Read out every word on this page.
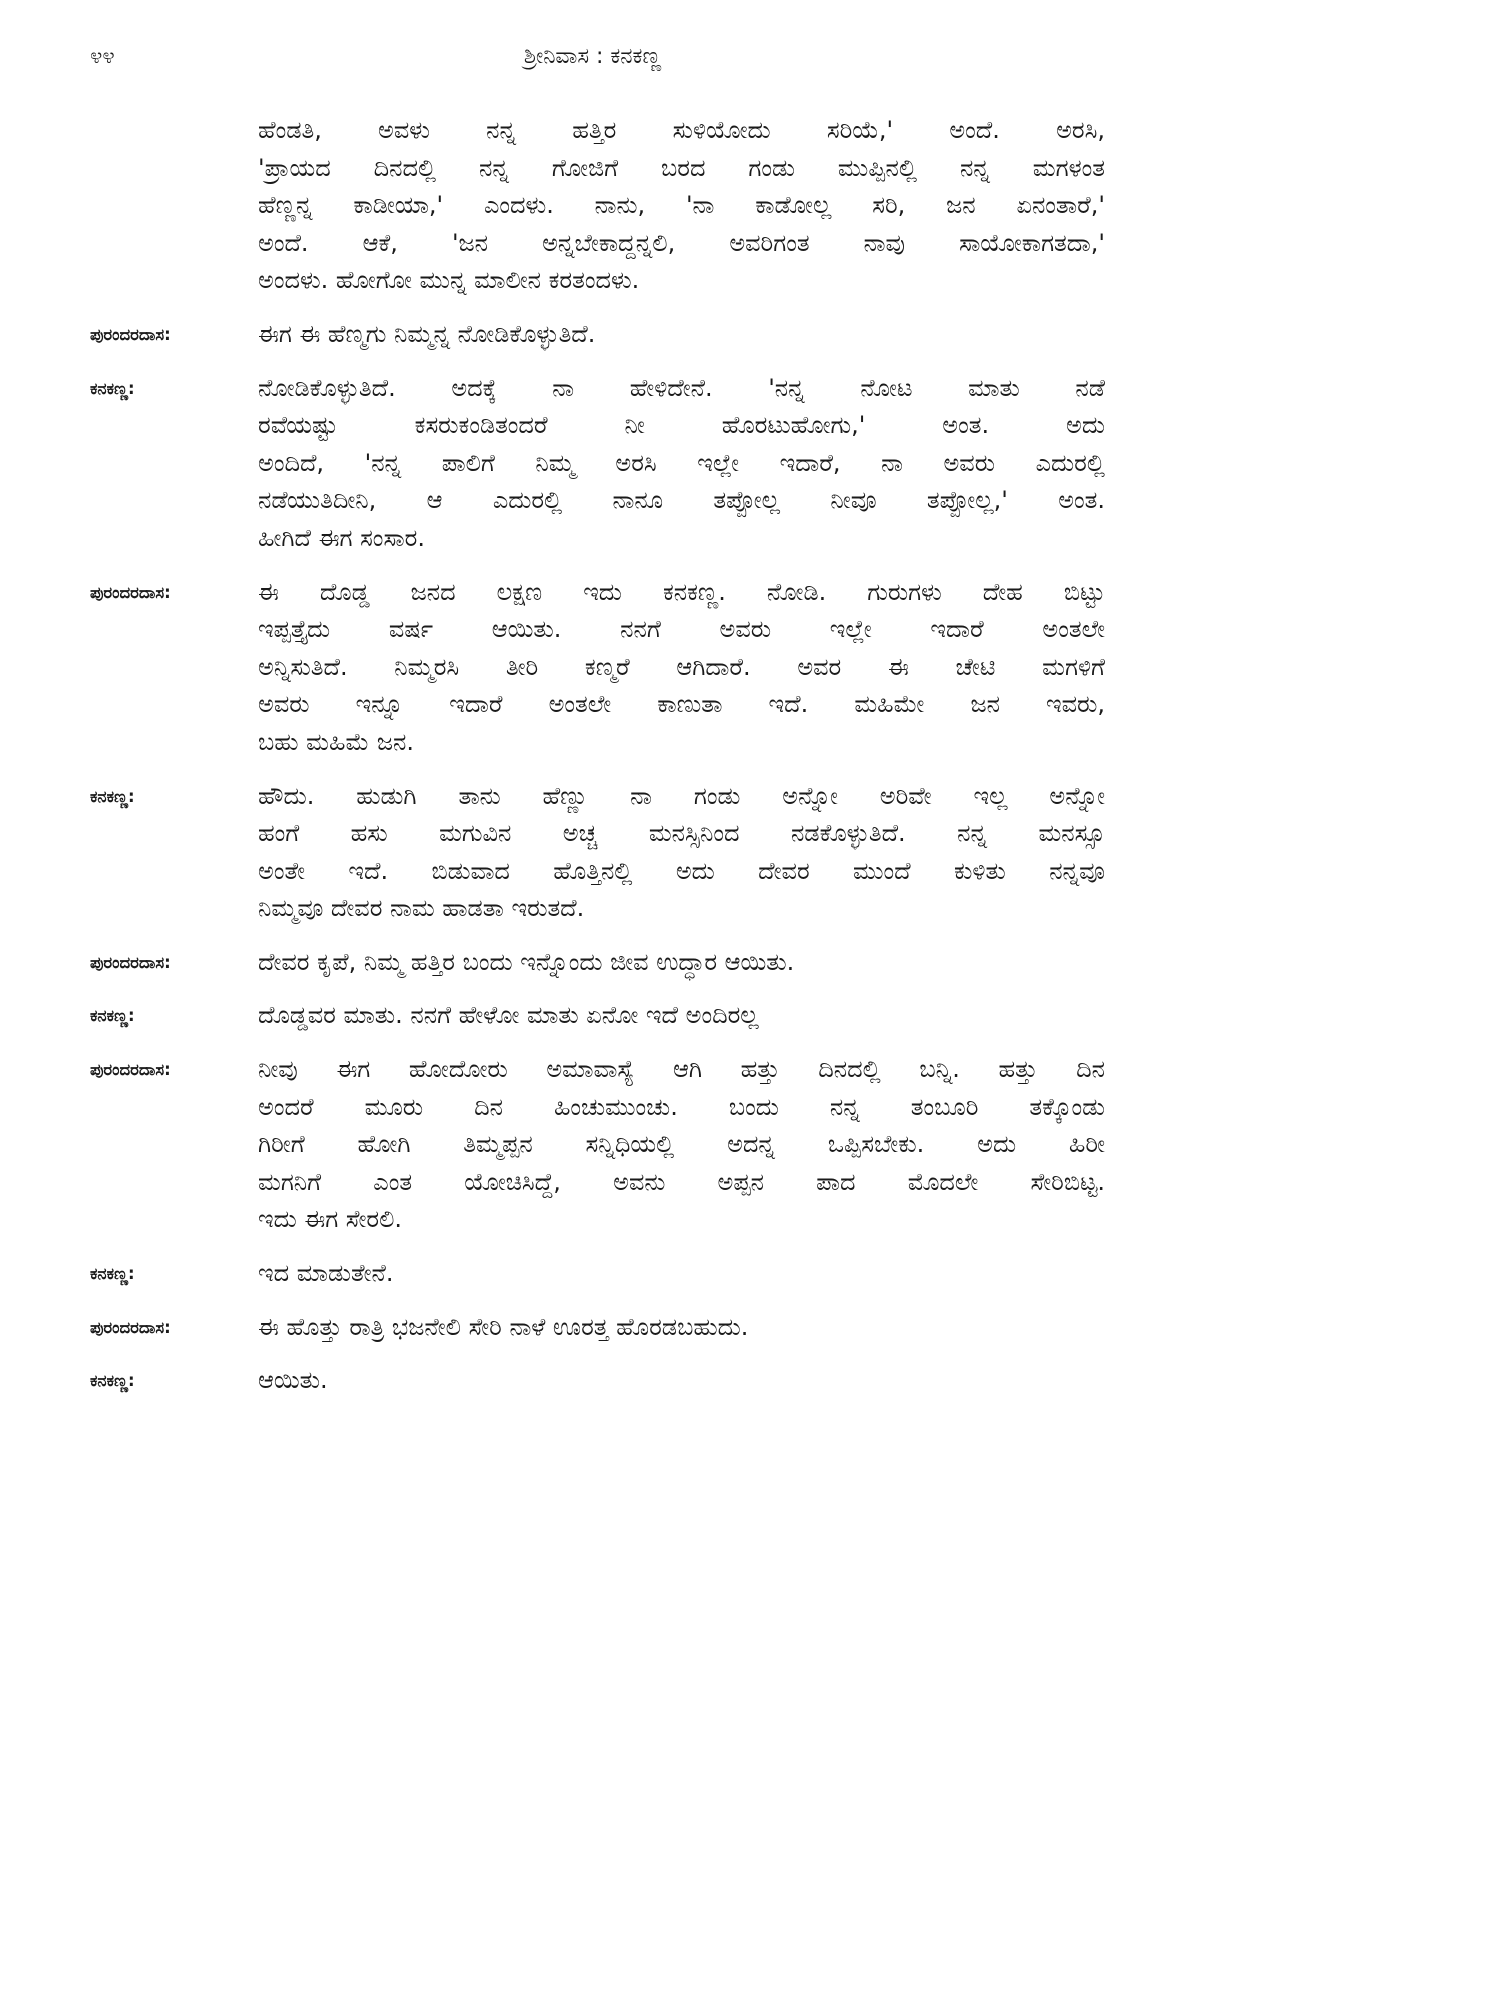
೪೪	ಶ್ರೀನಿವಾಸ : ಕನಕಣ್ಣ
ಹೆಂಡತಿ, ಅವಳು ನನ್ನ ಹತ್ತಿರ ಸುಳಿಯೋದು ಸರಿಯೆ,' ಅಂದೆ. ಅರಸಿ,
'ಪ್ರಾಯದ ದಿನದಲ್ಲಿ ನನ್ನ ಗೋಜಿಗೆ ಬರದ ಗಂಡು ಮುಪ್ಪಿನಲ್ಲಿ ನನ್ನ ಮಗಳಂತ
ಹೆಣ್ಣನ್ನ ಕಾಡೀಯಾ,' ಎಂದಳು. ನಾನು, 'ನಾ ಕಾಡೋಲ್ಲ ಸರಿ, ಜನ ಏನಂತಾರೆ,'
ಅಂದೆ. ಆಕೆ, 'ಜನ ಅನ್ನಬೇಕಾದ್ದನ್ನಲಿ, ಅವರಿಗಂತ ನಾವು ಸಾಯೋಕಾಗತದಾ,'
ಅಂದಳು. ಹೋಗೋ ಮುನ್ನ ಮಾಲೀನ ಕರತಂದಳು.
ಪುರಂದರದಾಸ:	ಈಗ ಈ ಹೆಣ್ಮಗು ನಿಮ್ಮನ್ನ ನೋಡಿಕೊಳ್ಳುತಿದೆ.
ಕನಕಣ್ಣ:	ನೋಡಿಕೊಳ್ಳುತಿದೆ. ಅದಕ್ಕೆ ನಾ ಹೇಳಿದೇನೆ. 'ನನ್ನ ನೋಟ ಮಾತು ನಡೆ
ರವೆಯಷ್ಟು ಕಸರುಕಂಡಿತಂದರೆ ನೀ ಹೊರಟುಹೋಗು,' ಅಂತ. ಅದು
ಅಂದಿದೆ, 'ನನ್ನ ಪಾಲಿಗೆ ನಿಮ್ಮ ಅರಸಿ ಇಲ್ಲೇ ಇದಾರೆ, ನಾ ಅವರು ಎದುರಲ್ಲಿ
ನಡೆಯುತಿದೀನಿ, ಆ ಎದುರಲ್ಲಿ ನಾನೂ ತಪ್ಪೋಲ್ಲ ನೀವೂ ತಪ್ಪೋಲ್ಲ,' ಅಂತ.
ಹೀಗಿದೆ ಈಗ ಸಂಸಾರ.
ಪುರಂದರದಾಸ:	ಈ ದೊಡ್ಡ ಜನದ ಲಕ್ಷಣ ಇದು ಕನಕಣ್ಣ. ನೋಡಿ. ಗುರುಗಳು ದೇಹ ಬಿಟ್ಟು
ಇಪ್ಪತ್ತೈದು ವರ್ಷ ಆಯಿತು. ನನಗೆ ಅವರು ಇಲ್ಲೇ ಇದಾರೆ ಅಂತಲೇ
ಅನ್ನಿಸುತಿದೆ. ನಿಮ್ಮರಸಿ ತೀರಿ ಕಣ್ಮರೆ ಆಗಿದಾರೆ. ಅವರ ಈ ಚೇಟಿ ಮಗಳಿಗೆ
ಅವರು ಇನ್ನೂ ಇದಾರೆ ಅಂತಲೇ ಕಾಣುತಾ ಇದೆ. ಮಹಿಮೇ ಜನ ಇವರು,
ಬಹು ಮಹಿಮೆ ಜನ.
ಕನಕಣ್ಣ:	ಹೌದು. ಹುಡುಗಿ ತಾನು ಹೆಣ್ಣು ನಾ ಗಂಡು ಅನ್ನೋ ಅರಿವೇ ಇಲ್ಲ ಅನ್ನೋ
ಹಂಗೆ ಹಸು ಮಗುವಿನ ಅಚ್ಚ ಮನಸ್ಸಿನಿಂದ ನಡಕೊಳ್ಳುತಿದೆ. ನನ್ನ ಮನಸ್ಸೂ
ಅಂತೇ ಇದೆ. ಬಿಡುವಾದ ಹೊತ್ತಿನಲ್ಲಿ ಅದು ದೇವರ ಮುಂದೆ ಕುಳಿತು ನನ್ನವೂ
ನಿಮ್ಮವೂ ದೇವರ ನಾಮ ಹಾಡತಾ ಇರುತದೆ.
ಪುರಂದರದಾಸ:	ದೇವರ ಕೃಪೆ, ನಿಮ್ಮ ಹತ್ತಿರ ಬಂದು ಇನ್ನೊಂದು ಜೀವ ಉದ್ಧಾರ ಆಯಿತು.
ಕನಕಣ್ಣ:	ದೊಡ್ಡವರ ಮಾತು. ನನಗೆ ಹೇಳೋ ಮಾತು ಏನೋ ಇದೆ ಅಂದಿರಲ್ಲ
ಪುರಂದರದಾಸ:	ನೀವು ಈಗ ಹೋದೋರು ಅಮಾವಾಸ್ಯೆ ಆಗಿ ಹತ್ತು ದಿನದಲ್ಲಿ ಬನ್ನಿ. ಹತ್ತು ದಿನ
ಅಂದರೆ ಮೂರು ದಿನ ಹಿಂಚುಮುಂಚು. ಬಂದು ನನ್ನ ತಂಬೂರಿ ತಕ್ಕೊಂಡು
ಗಿರೀಗೆ ಹೋಗಿ ತಿಮ್ಮಪ್ಪನ ಸನ್ನಿಧಿಯಲ್ಲಿ ಅದನ್ನ ಒಪ್ಪಿಸಬೇಕು. ಅದು ಹಿರೀ
ಮಗನಿಗೆ ಎಂತ ಯೋಚಿಸಿದ್ದೆ, ಅವನು ಅಪ್ಪನ ಪಾದ ಮೊದಲೇ ಸೇರಿಬಿಟ್ಟ.
ಇದು ಈಗ ಸೇರಲಿ.
ಕನಕಣ್ಣ:	ಇದ ಮಾಡುತೇನೆ.
ಪುರಂದರದಾಸ:	ಈ ಹೊತ್ತು ರಾತ್ರಿ ಭಜನೇಲಿ ಸೇರಿ ನಾಳೆ ಊರತ್ತ ಹೊರಡಬಹುದು.
ಕನಕಣ್ಣ:	ಆಯಿತು.
